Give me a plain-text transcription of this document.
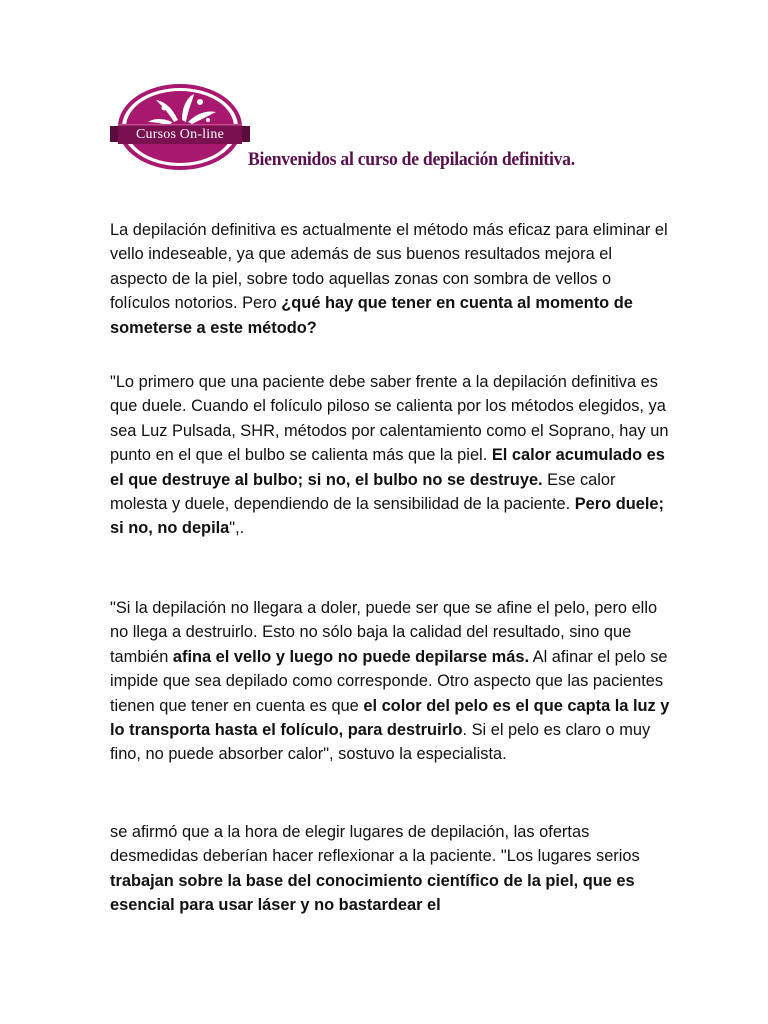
Cursos On-line
Bienvenidos al curso de depilación definitiva.

La depilación definitiva es actualmente el método más eficaz para eliminar el vello indeseable, ya que además de sus buenos resultados mejora el aspecto de la piel, sobre todo aquellas zonas con sombra de vellos o folículos notorios. Pero ¿qué hay que tener en cuenta al momento de someterse a este método?

"Lo primero que una paciente debe saber frente a la depilación definitiva es que duele. Cuando el folículo piloso se calienta por los métodos elegidos, ya sea Luz Pulsada, SHR, métodos por calentamiento como el Soprano, hay un punto en el que el bulbo se calienta más que la piel. El calor acumulado es el que destruye al bulbo; si no, el bulbo no se destruye. Ese calor molesta y duele, dependiendo de la sensibilidad de la paciente. Pero duele; si no, no depila",.

"Si la depilación no llegara a doler, puede ser que se afine el pelo, pero ello no llega a destruirlo. Esto no sólo baja la calidad del resultado, sino que también afina el vello y luego no puede depilarse más. Al afinar el pelo se impide que sea depilado como corresponde. Otro aspecto que las pacientes tienen que tener en cuenta es que el color del pelo es el que capta la luz y lo transporta hasta el folículo, para destruirlo. Si el pelo es claro o muy fino, no puede absorber calor", sostuvo la especialista.

se afirmó que a la hora de elegir lugares de depilación, las ofertas desmedidas deberían hacer reflexionar a la paciente. "Los lugares serios trabajan sobre la base del conocimiento científico de la piel, que es esencial para usar láser y no bastardear el
